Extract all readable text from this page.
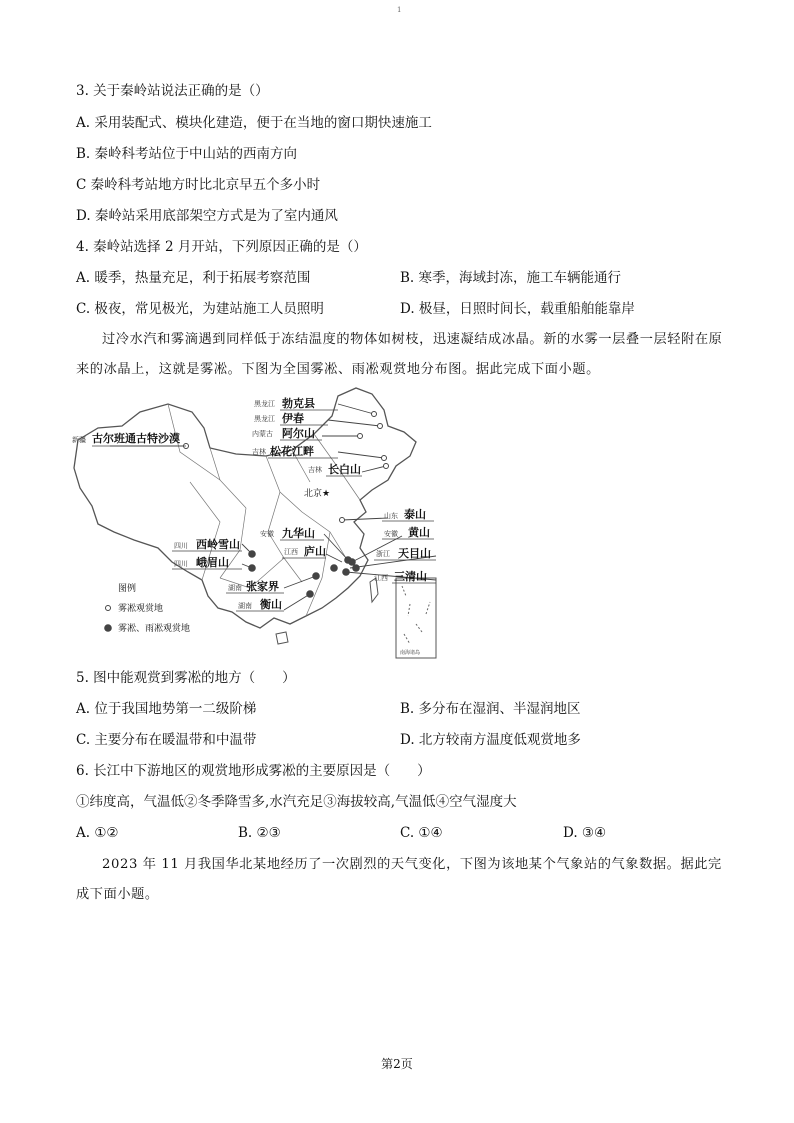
1
3. 关于秦岭站说法正确的是（）
A. 采用装配式、模块化建造，便于在当地的窗口期快速施工
B. 秦岭科考站位于中山站的西南方向
C 秦岭科考站地方时比北京早五个多小时
D. 秦岭站采用底部架空方式是为了室内通风
4. 秦岭站选择 2 月开站，下列原因正确的是（）
A. 暖季，热量充足，利于拓展考察范围	B. 寒季，海域封冻，施工车辆能通行
C. 极夜，常见极光，为建站施工人员照明	D. 极昼，日照时间长，载重船舶能靠岸
过冷水汽和雾滴遇到同样低于冻结温度的物体如树枝，迅速凝结成冰晶。新的水雾一层叠一层轻附在原来的冰晶上，这就是雾凇。下图为全国雾凇、雨凇观赏地分布图。据此完成下面小题。
南海诸岛
黑龙江 勃克县
黑龙江 伊春
内蒙古 阿尔山
吉林 松花江畔
吉林 长白山
新疆 古尔班通古特沙漠
北京★
山东 泰山
安徽 九华山	安徽 黄山
江西 庐山	浙江 天目山
四川 西岭雪山
四川 峨眉山
江西 三清山
湖南 张家界
湖南 衡山
图例
雾凇观赏地
雾凇、雨凇观赏地
5. 图中能观赏到雾凇的地方（　　）
A. 位于我国地势第一二级阶梯	B. 多分布在湿润、半湿润地区
C. 主要分布在暖温带和中温带	D. 北方较南方温度低观赏地多
6. 长江中下游地区的观赏地形成雾凇的主要原因是（　　）
①纬度高，气温低②冬季降雪多,水汽充足③海拔较高,气温低④空气湿度大
A. ①②	B. ②③	C. ①④	D. ③④
2023 年 11 月我国华北某地经历了一次剧烈的天气变化，下图为该地某个气象站的气象数据。据此完成下面小题。
第2页
